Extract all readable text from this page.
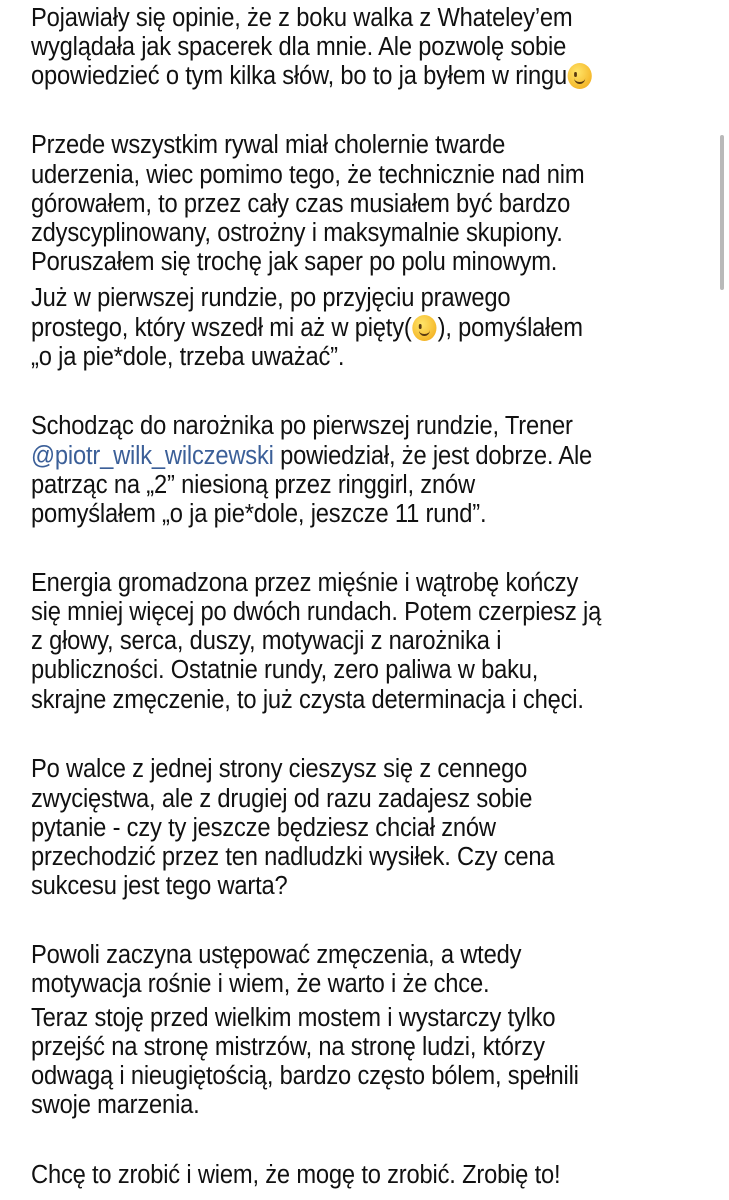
Pojawiały się opinie, że z boku walka z Whateley’em
wyglądała jak spacerek dla mnie. Ale pozwolę sobie
opowiedzieć o tym kilka słów, bo to ja byłem w ringu
Przede wszystkim rywal miał cholernie twarde
uderzenia, wiec pomimo tego, że technicznie nad nim
górowałem, to przez cały czas musiałem być bardzo
zdyscyplinowany, ostrożny i maksymalnie skupiony.
Poruszałem się trochę jak saper po polu minowym.
Już w pierwszej rundzie, po przyjęciu prawego
prostego, który wszedł mi aż w pięty( ), pomyślałem
„o ja pie*dole, trzeba uważać”.
Schodząc do narożnika po pierwszej rundzie, Trener
@piotr_wilk_wilczewski powiedział, że jest dobrze. Ale
patrząc na „2” niesioną przez ringgirl, znów
pomyślałem „o ja pie*dole, jeszcze 11 rund”.
Energia gromadzona przez mięśnie i wątrobę kończy
się mniej więcej po dwóch rundach. Potem czerpiesz ją
z głowy, serca, duszy, motywacji z narożnika i
publiczności. Ostatnie rundy, zero paliwa w baku,
skrajne zmęczenie, to już czysta determinacja i chęci.
Po walce z jednej strony cieszysz się z cennego
zwycięstwa, ale z drugiej od razu zadajesz sobie
pytanie - czy ty jeszcze będziesz chciał znów
przechodzić przez ten nadludzki wysiłek. Czy cena
sukcesu jest tego warta?
Powoli zaczyna ustępować zmęczenia, a wtedy
motywacja rośnie i wiem, że warto i że chce.
Teraz stoję przed wielkim mostem i wystarczy tylko
przejść na stronę mistrzów, na stronę ludzi, którzy
odwagą i nieugiętością, bardzo często bólem, spełnili
swoje marzenia.
Chcę to zrobić i wiem, że mogę to zrobić. Zrobię to!
